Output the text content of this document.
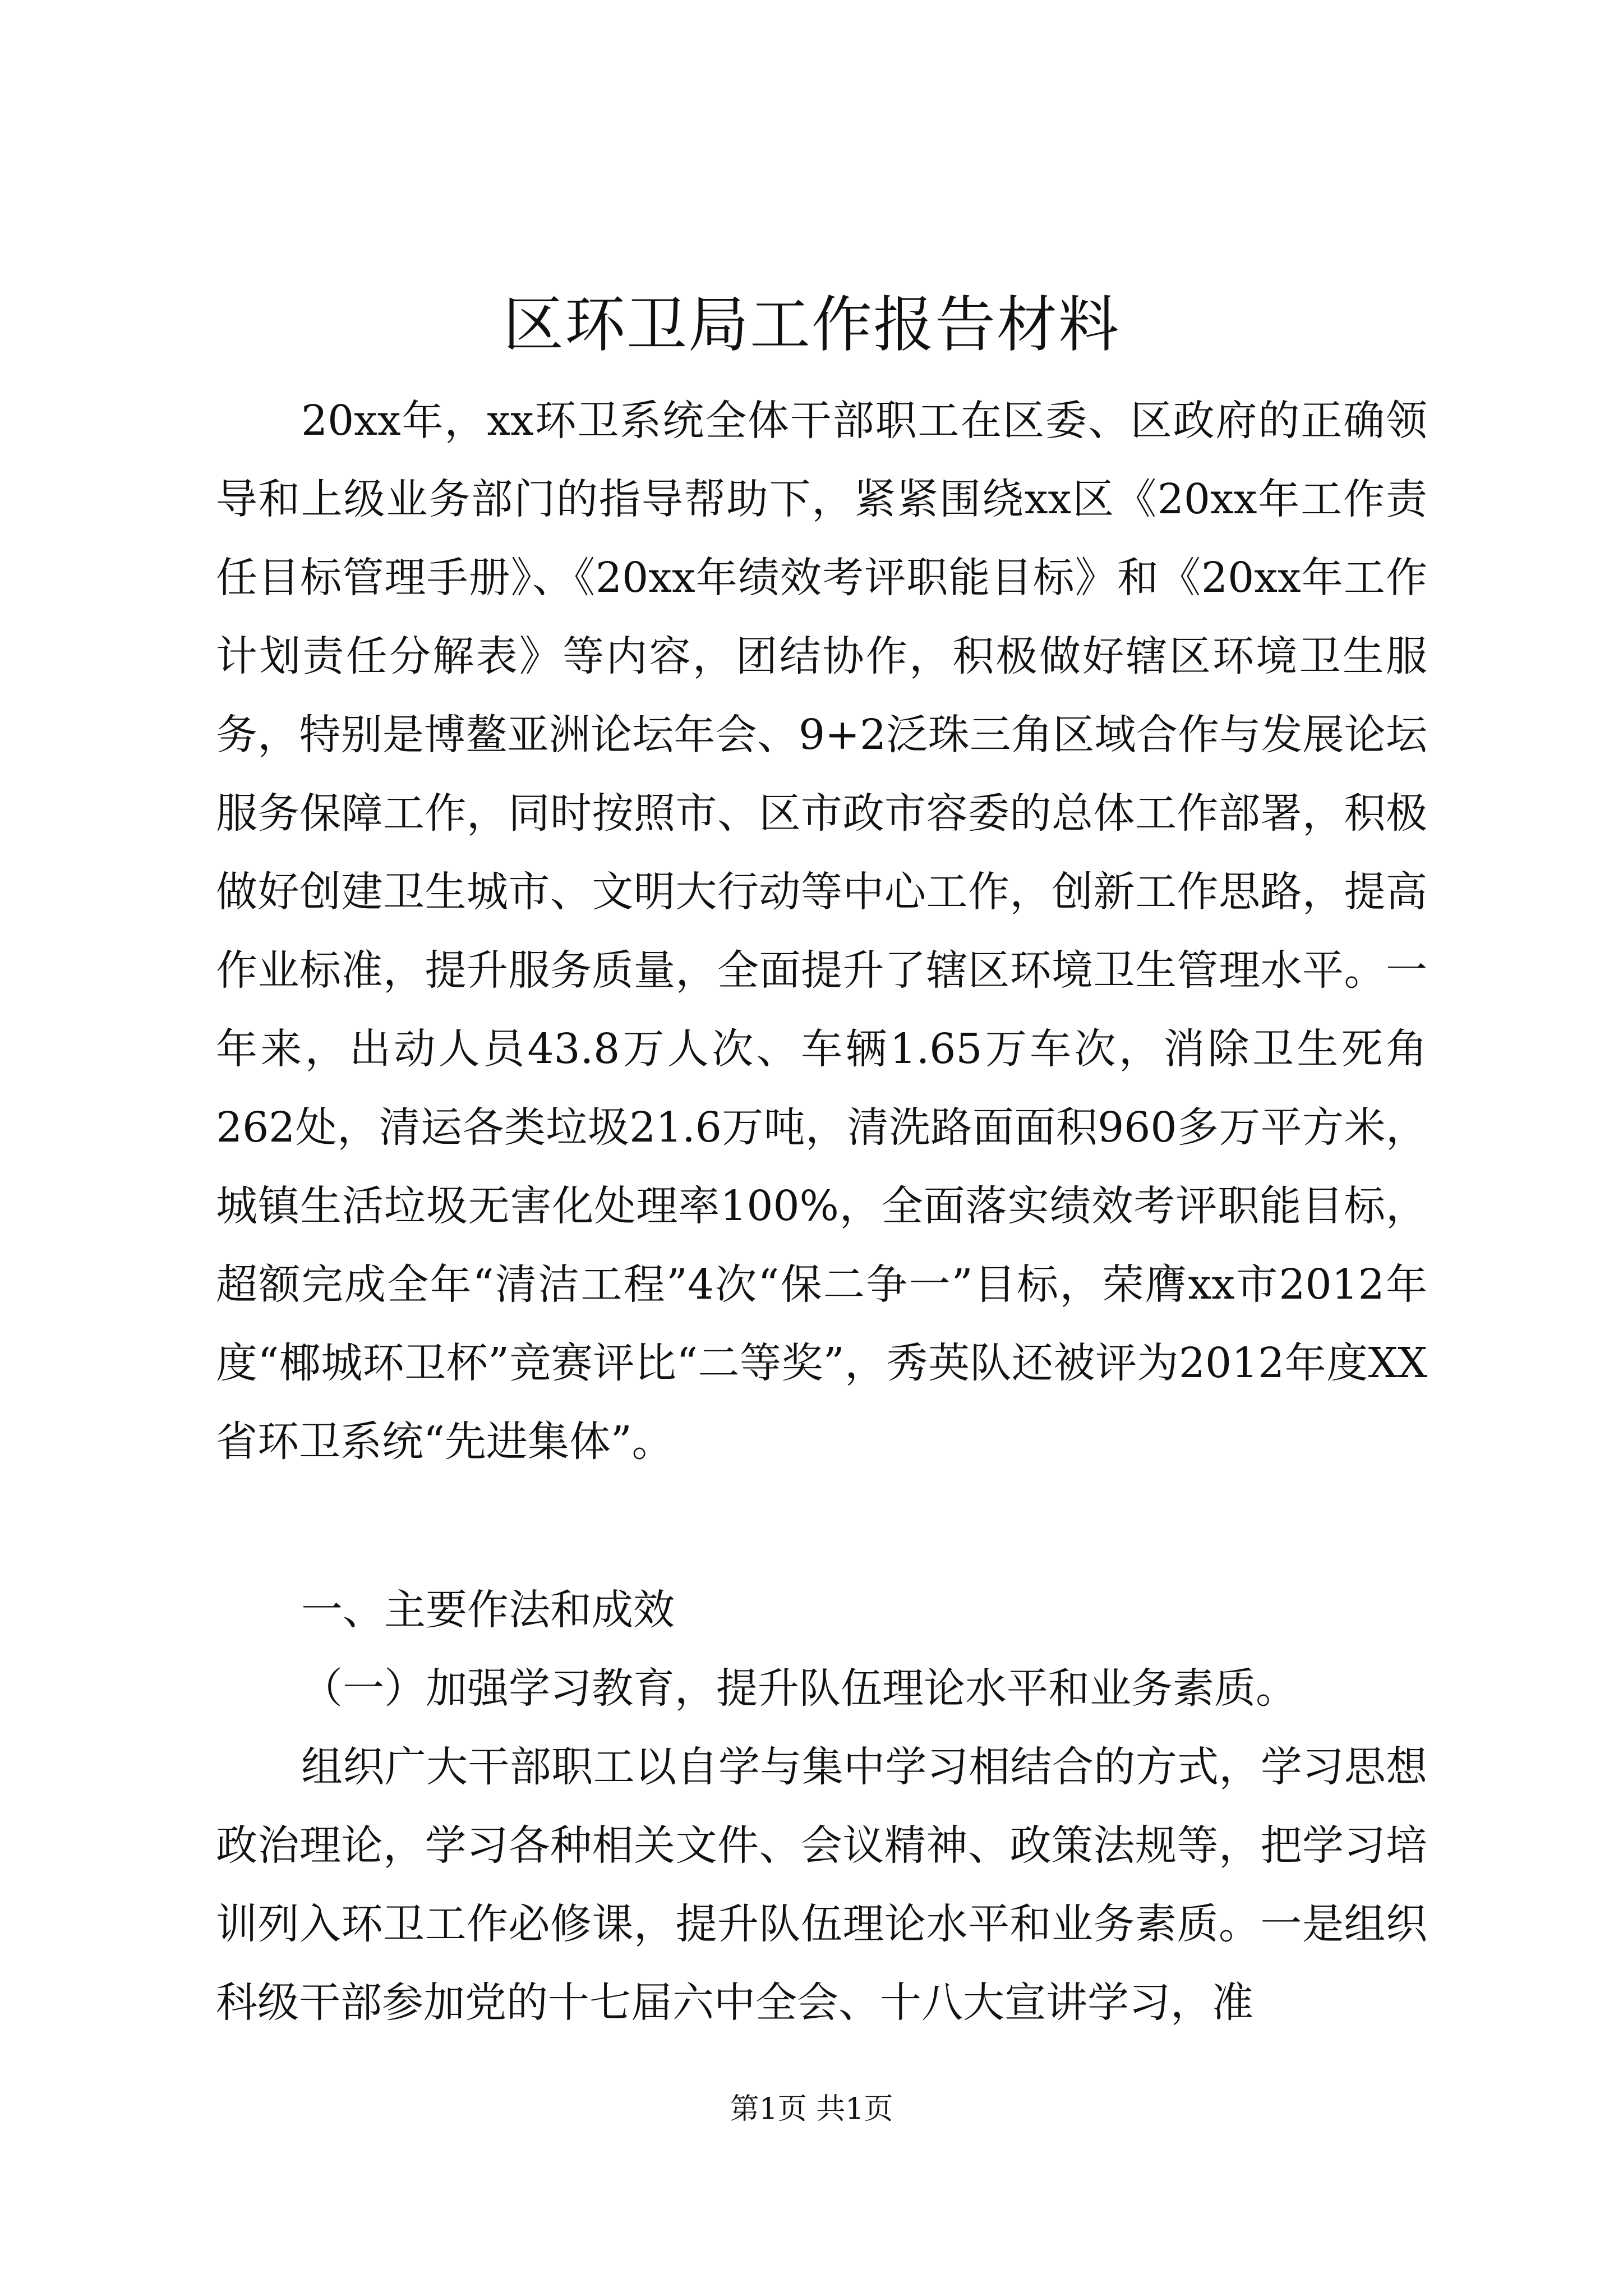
区环卫局工作报告材料

20xx年，xx环卫系统全体干部职工在区委、区政府的正确领导和上级业务部门的指导帮助下，紧紧围绕xx区《20xx年工作责任目标管理手册》、《20xx年绩效考评职能目标》和《20xx年工作计划责任分解表》等内容，团结协作，积极做好辖区环境卫生服务，特别是博鳌亚洲论坛年会、9+2泛珠三角区域合作与发展论坛服务保障工作，同时按照市、区市政市容委的总体工作部署，积极做好创建卫生城市、文明大行动等中心工作，创新工作思路，提高作业标准，提升服务质量，全面提升了辖区环境卫生管理水平。一年来，出动人员43.8万人次、车辆1.65万车次，消除卫生死角262处，清运各类垃圾21.6万吨，清洗路面面积960多万平方米，城镇生活垃圾无害化处理率100%，全面落实绩效考评职能目标，超额完成全年“清洁工程”4次“保二争一”目标，荣膺xx市2012年度“椰城环卫杯”竞赛评比“二等奖”，秀英队还被评为2012年度XX省环卫系统“先进集体”。

一、主要作法和成效

（一）加强学习教育，提升队伍理论水平和业务素质。

组织广大干部职工以自学与集中学习相结合的方式，学习思想政治理论，学习各种相关文件、会议精神、政策法规等，把学习培训列入环卫工作必修课，提升队伍理论水平和业务素质。一是组织科级干部参加党的十七届六中全会、十八大宣讲学习，准

第1页 共1页
